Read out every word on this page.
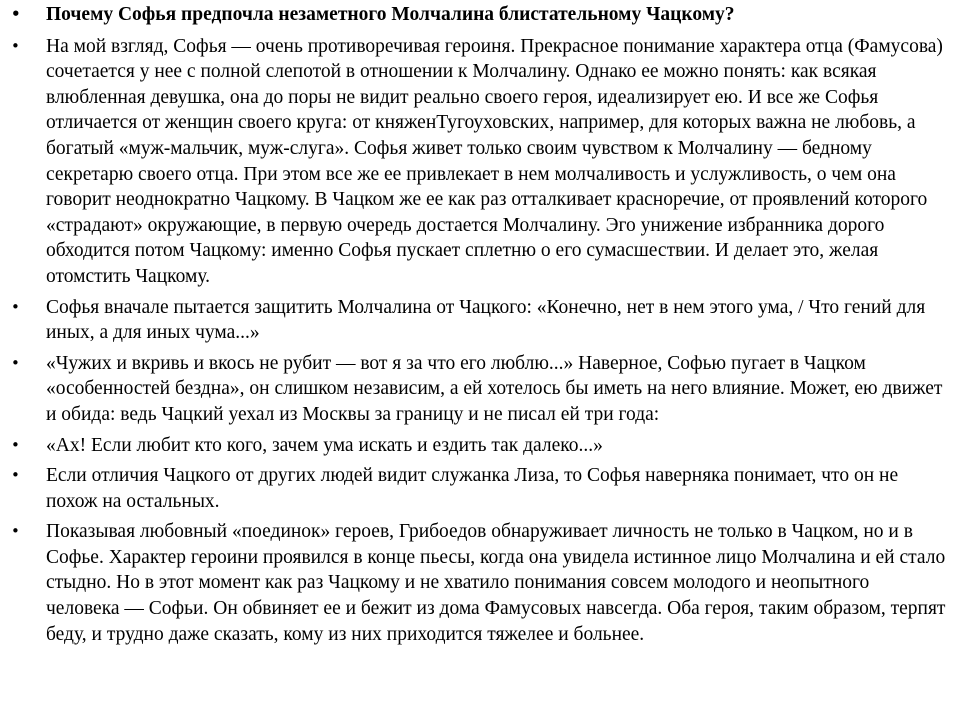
• Почему Софья предпочла незаметного Молчалина блистательному Чацкому?
• На мой взгляд, Софья — очень противоречивая героиня. Прекрасное понимание характера отца (Фамусова) сочетается у нее с полной слепотой в отношении к Молчалину. Однако ее можно понять: как всякая влюбленная девушка, она до поры не видит реально своего героя, идеализирует ею. И все же Софья отличается от женщин своего круга: от княженТугоуховских, например, для которых важна не любовь, а богатый «муж-мальчик, муж-слуга». Софья живет только своим чувством к Молчалину — бедному секретарю своего отца. При этом все же ее привлекает в нем молчаливость и услужливость, о чем она говорит неоднократно Чацкому. В Чацком же ее как раз отталкивает красноречие, от проявлений которого «страдают» окружающие, в первую очередь достается Молчалину. Эго унижение избранника дорого обходится потом Чацкому: именно Софья пускает сплетню о его сумасшествии. И делает это, желая отомстить Чацкому.
• Софья вначале пытается защитить Молчалина от Чацкого: «Конечно, нет в нем этого ума, / Что гений для иных, а для иных чума...»
• «Чужих и вкривь и вкось не рубит — вот я за что его люблю...» Наверное, Софью пугает в Чацком «особенностей бездна», он слишком независим, а ей хотелось бы иметь на него влияние. Может, ею движет и обида: ведь Чацкий уехал из Москвы за границу и не писал ей три года:
• «Ах! Если любит кто кого, зачем ума искать и ездить так далеко...»
• Если отличия Чацкого от других людей видит служанка Лиза, то Софья наверняка понимает, что он не похож на остальных.
• Показывая любовный «поединок» героев, Грибоедов обнаруживает личность не только в Чацком, но и в Софье. Характер героини проявился в конце пьесы, когда она увидела истинное лицо Молчалина и ей стало стыдно. Но в этот момент как раз Чацкому и не хватило понимания совсем молодого и неопытного человека — Софьи. Он обвиняет ее и бежит из дома Фамусовых навсегда. Оба героя, таким образом, терпят беду, и трудно даже сказать, кому из них приходится тяжелее и больнее.
